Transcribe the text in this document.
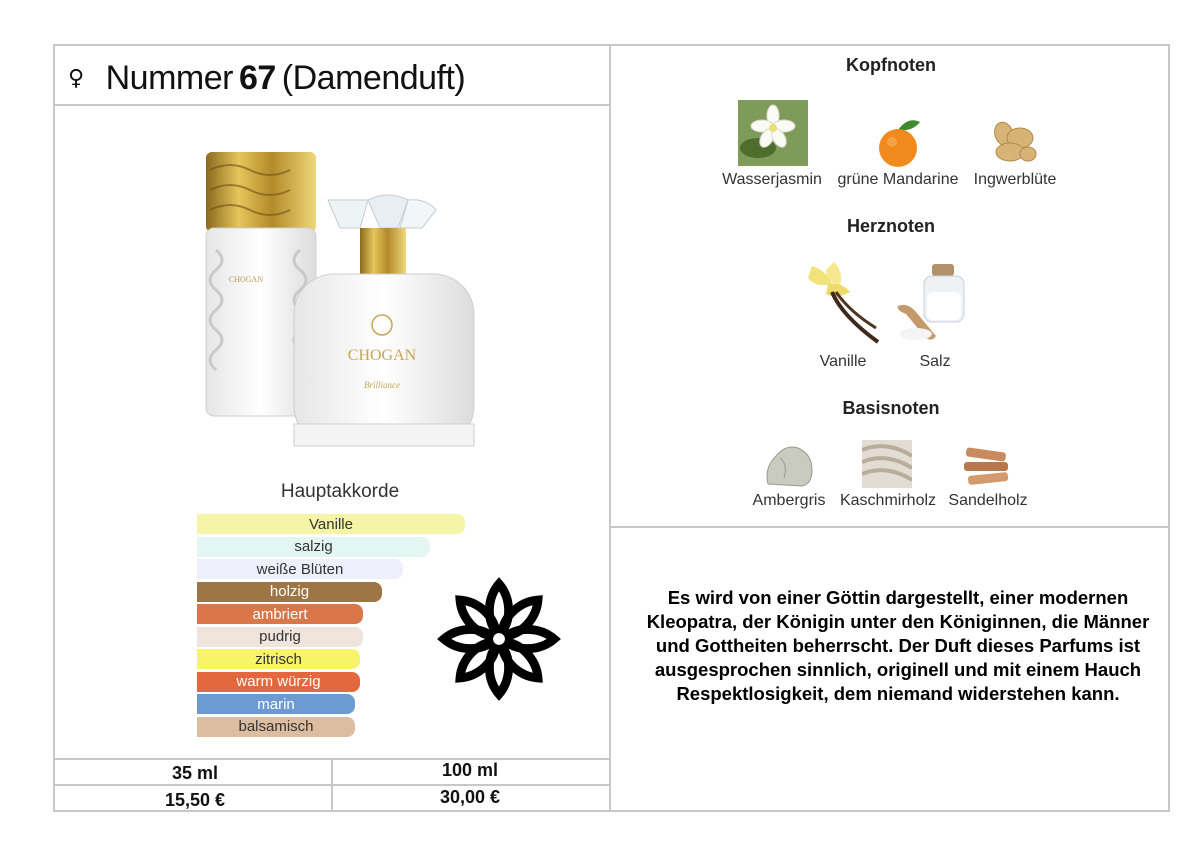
♀ Nummer 67 (Damenduft)
CHOGAN
CHOGAN
Brilliance
Hauptakkorde
Vanille
salzig
weiße Blüten
holzig
ambriert
pudrig
zitrisch
warm würzig
marin
balsamisch
35 ml	100 ml
15,50 €	30,00 €
Kopfnoten
Wasserjasmin grüne Mandarine Ingwerblüte
Herznoten
Vanille	Salz
Basisnoten
Ambergris Kaschmirholz Sandelholz
Es wird von einer Göttin dargestellt, einer modernen Kleopatra, der Königin unter den Königinnen, die Männer und Gottheiten beherrscht. Der Duft dieses Parfums ist ausgesprochen sinnlich, originell und mit einem Hauch Respektlosigkeit, dem niemand widerstehen kann.
